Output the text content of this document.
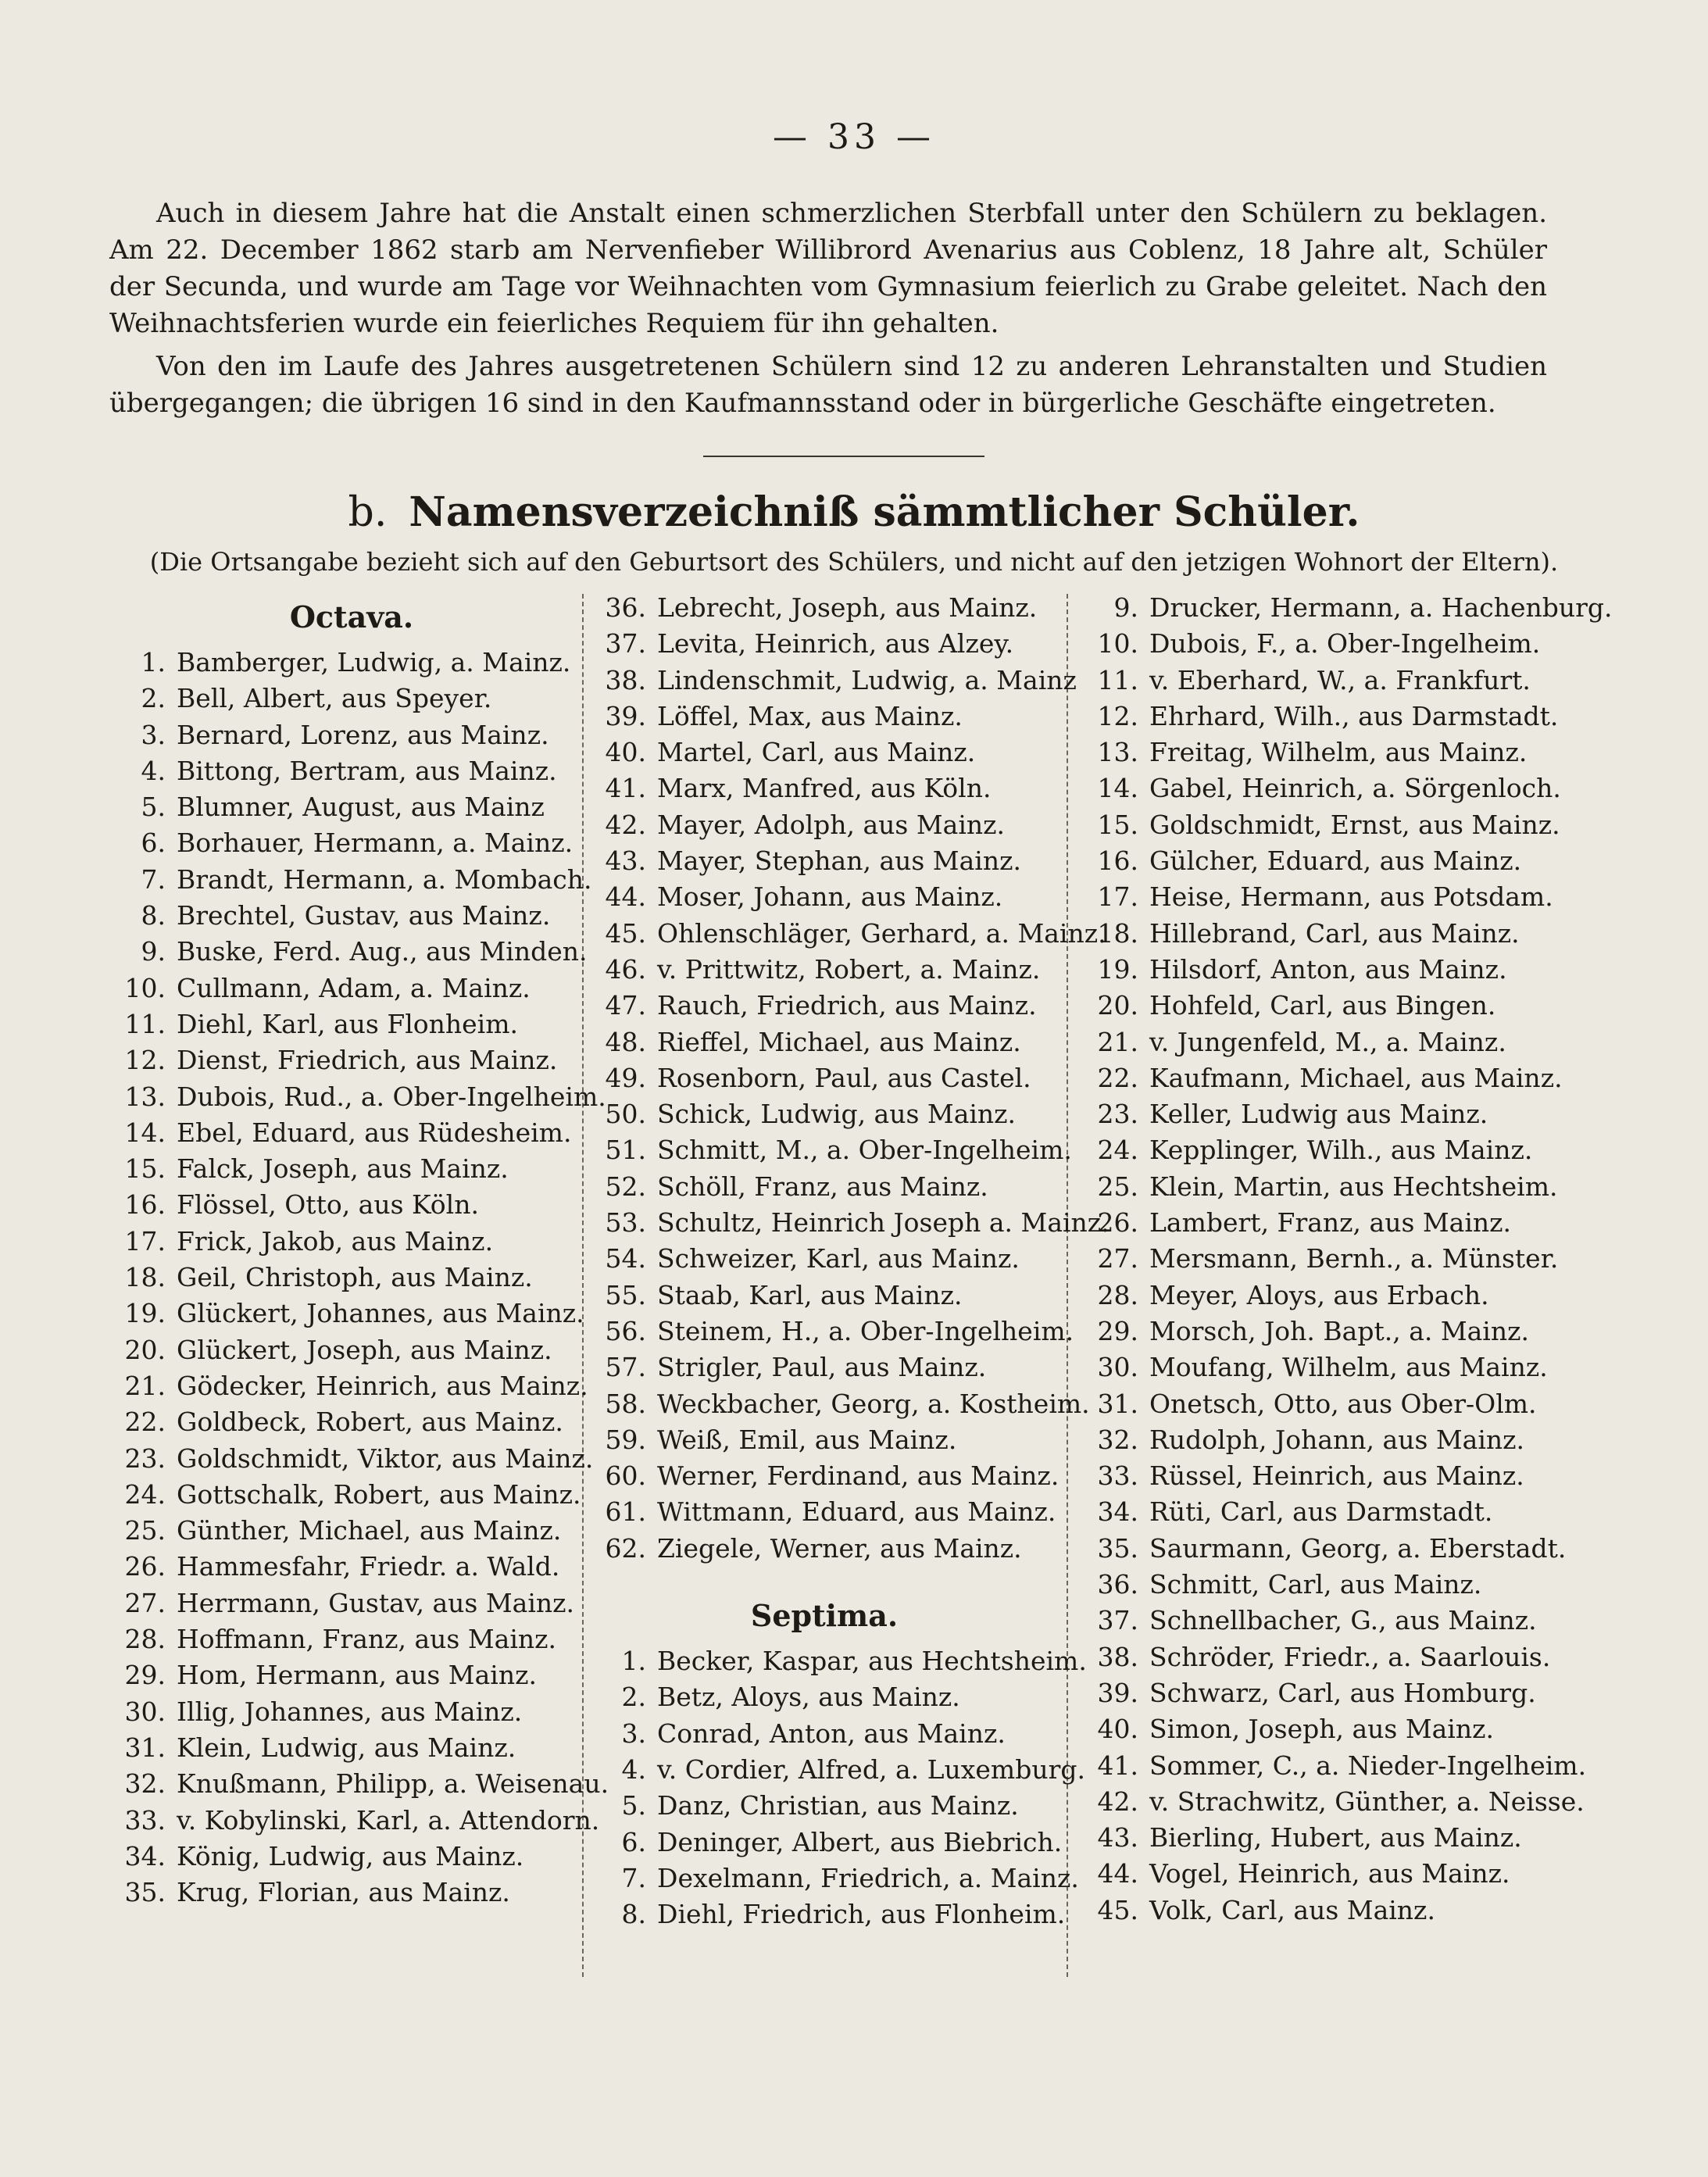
— 33 —

Auch in diesem Jahre hat die Anstalt einen schmerzlichen Sterbfall unter den Schülern zu beklagen. Am 22. December 1862 starb am Nervenfieber Willibrord Avenarius aus Coblenz, 18 Jahre alt, Schüler der Secunda, und wurde am Tage vor Weihnachten vom Gymnasium feierlich zu Grabe geleitet. Nach den Weihnachtsferien wurde ein feierliches Requiem für ihn gehalten.

Von den im Laufe des Jahres ausgetretenen Schülern sind 12 zu anderen Lehranstalten und Studien übergegangen; die übrigen 16 sind in den Kaufmannsstand oder in bürgerliche Geschäfte eingetreten.

b. Namensverzeichniß sämmtlicher Schüler.
(Die Ortsangabe bezieht sich auf den Geburtsort des Schülers, und nicht auf den jetzigen Wohnort der Eltern).
Octava.
1. Bamberger, Ludwig, a. Mainz.
2. Bell, Albert, aus Speyer.
3. Bernard, Lorenz, aus Mainz.
4. Bittong, Bertram, aus Mainz.
5. Blumner, August, aus Mainz
6. Borhauer, Hermann, a. Mainz.
7. Brandt, Hermann, a. Mombach.
8. Brechtel, Gustav, aus Mainz.
9. Buske, Ferd. Aug., aus Minden.
10. Cullmann, Adam, a. Mainz.
11. Diehl, Karl, aus Flonheim.
12. Dienst, Friedrich, aus Mainz.
13. Dubois, Rud., a. Ober-Ingelheim.
14. Ebel, Eduard, aus Rüdesheim.
15. Falck, Joseph, aus Mainz.
16. Flössel, Otto, aus Köln.
17. Frick, Jakob, aus Mainz.
18. Geil, Christoph, aus Mainz.
19. Glückert, Johannes, aus Mainz.
20. Glückert, Joseph, aus Mainz.
21. Gödecker, Heinrich, aus Mainz.
22. Goldbeck, Robert, aus Mainz.
23. Goldschmidt, Viktor, aus Mainz.
24. Gottschalk, Robert, aus Mainz.
25. Günther, Michael, aus Mainz.
26. Hammesfahr, Friedr. a. Wald.
27. Herrmann, Gustav, aus Mainz.
28. Hoffmann, Franz, aus Mainz.
29. Hom, Hermann, aus Mainz.
30. Illig, Johannes, aus Mainz.
31. Klein, Ludwig, aus Mainz.
32. Knußmann, Philipp, a. Weisenau.
33. v. Kobylinski, Karl, a. Attendorn.
34. König, Ludwig, aus Mainz.
35. Krug, Florian, aus Mainz.
36. Lebrecht, Joseph, aus Mainz.
37. Levita, Heinrich, aus Alzey.
38. Lindenschmit, Ludwig, a. Mainz
39. Löffel, Max, aus Mainz.
40. Martel, Carl, aus Mainz.
41. Marx, Manfred, aus Köln.
42. Mayer, Adolph, aus Mainz.
43. Mayer, Stephan, aus Mainz.
44. Moser, Johann, aus Mainz.
45. Ohlenschläger, Gerhard, a. Mainz.
46. v. Prittwitz, Robert, a. Mainz.
47. Rauch, Friedrich, aus Mainz.
48. Rieffel, Michael, aus Mainz.
49. Rosenborn, Paul, aus Castel.
50. Schick, Ludwig, aus Mainz.
51. Schmitt, M., a. Ober-Ingelheim.
52. Schöll, Franz, aus Mainz.
53. Schultz, Heinrich Joseph a. Mainz.
54. Schweizer, Karl, aus Mainz.
55. Staab, Karl, aus Mainz.
56. Steinem, H., a. Ober-Ingelheim.
57. Strigler, Paul, aus Mainz.
58. Weckbacher, Georg, a. Kostheim.
59. Weiß, Emil, aus Mainz.
60. Werner, Ferdinand, aus Mainz.
61. Wittmann, Eduard, aus Mainz.
62. Ziegele, Werner, aus Mainz.
Septima.
1. Becker, Kaspar, aus Hechtsheim.
2. Betz, Aloys, aus Mainz.
3. Conrad, Anton, aus Mainz.
4. v. Cordier, Alfred, a. Luxemburg.
5. Danz, Christian, aus Mainz.
6. Deninger, Albert, aus Biebrich.
7. Dexelmann, Friedrich, a. Mainz.
8. Diehl, Friedrich, aus Flonheim.
9. Drucker, Hermann, a. Hachenburg.
10. Dubois, F., a. Ober-Ingelheim.
11. v. Eberhard, W., a. Frankfurt.
12. Ehrhard, Wilh., aus Darmstadt.
13. Freitag, Wilhelm, aus Mainz.
14. Gabel, Heinrich, a. Sörgenloch.
15. Goldschmidt, Ernst, aus Mainz.
16. Gülcher, Eduard, aus Mainz.
17. Heise, Hermann, aus Potsdam.
18. Hillebrand, Carl, aus Mainz.
19. Hilsdorf, Anton, aus Mainz.
20. Hohfeld, Carl, aus Bingen.
21. v. Jungenfeld, M., a. Mainz.
22. Kaufmann, Michael, aus Mainz.
23. Keller, Ludwig aus Mainz.
24. Kepplinger, Wilh., aus Mainz.
25. Klein, Martin, aus Hechtsheim.
26. Lambert, Franz, aus Mainz.
27. Mersmann, Bernh., a. Münster.
28. Meyer, Aloys, aus Erbach.
29. Morsch, Joh. Bapt., a. Mainz.
30. Moufang, Wilhelm, aus Mainz.
31. Onetsch, Otto, aus Ober-Olm.
32. Rudolph, Johann, aus Mainz.
33. Rüssel, Heinrich, aus Mainz.
34. Rüti, Carl, aus Darmstadt.
35. Saurmann, Georg, a. Eberstadt.
36. Schmitt, Carl, aus Mainz.
37. Schnellbacher, G., aus Mainz.
38. Schröder, Friedr., a. Saarlouis.
39. Schwarz, Carl, aus Homburg.
40. Simon, Joseph, aus Mainz.
41. Sommer, C., a. Nieder-Ingelheim.
42. v. Strachwitz, Günther, a. Neisse.
43. Bierling, Hubert, aus Mainz.
44. Vogel, Heinrich, aus Mainz.
45. Volk, Carl, aus Mainz.
